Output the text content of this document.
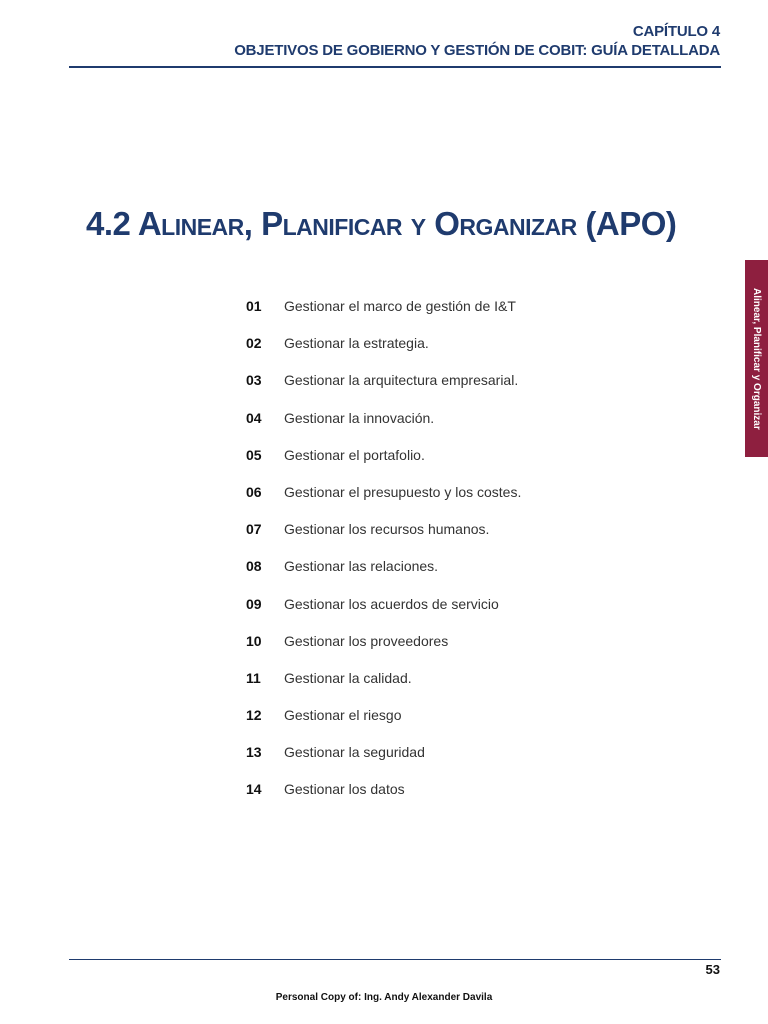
CAPÍTULO 4
OBJETIVOS DE GOBIERNO Y GESTIÓN DE COBIT: GUÍA DETALLADA
4.2 Alinear, Planificar y Organizar (APO)
01	Gestionar el marco de gestión de I&T
02	Gestionar la estrategia.
03	Gestionar la arquitectura empresarial.
04	Gestionar la innovación.
05	Gestionar el portafolio.
06	Gestionar el presupuesto y los costes.
07	Gestionar los recursos humanos.
08	Gestionar las relaciones.
09	Gestionar los acuerdos de servicio
10	Gestionar los proveedores
11	Gestionar la calidad.
12	Gestionar el riesgo
13	Gestionar la seguridad
14	Gestionar los datos
Alinear, Planificar y Organizar
53
Personal Copy of: Ing. Andy Alexander Davila
